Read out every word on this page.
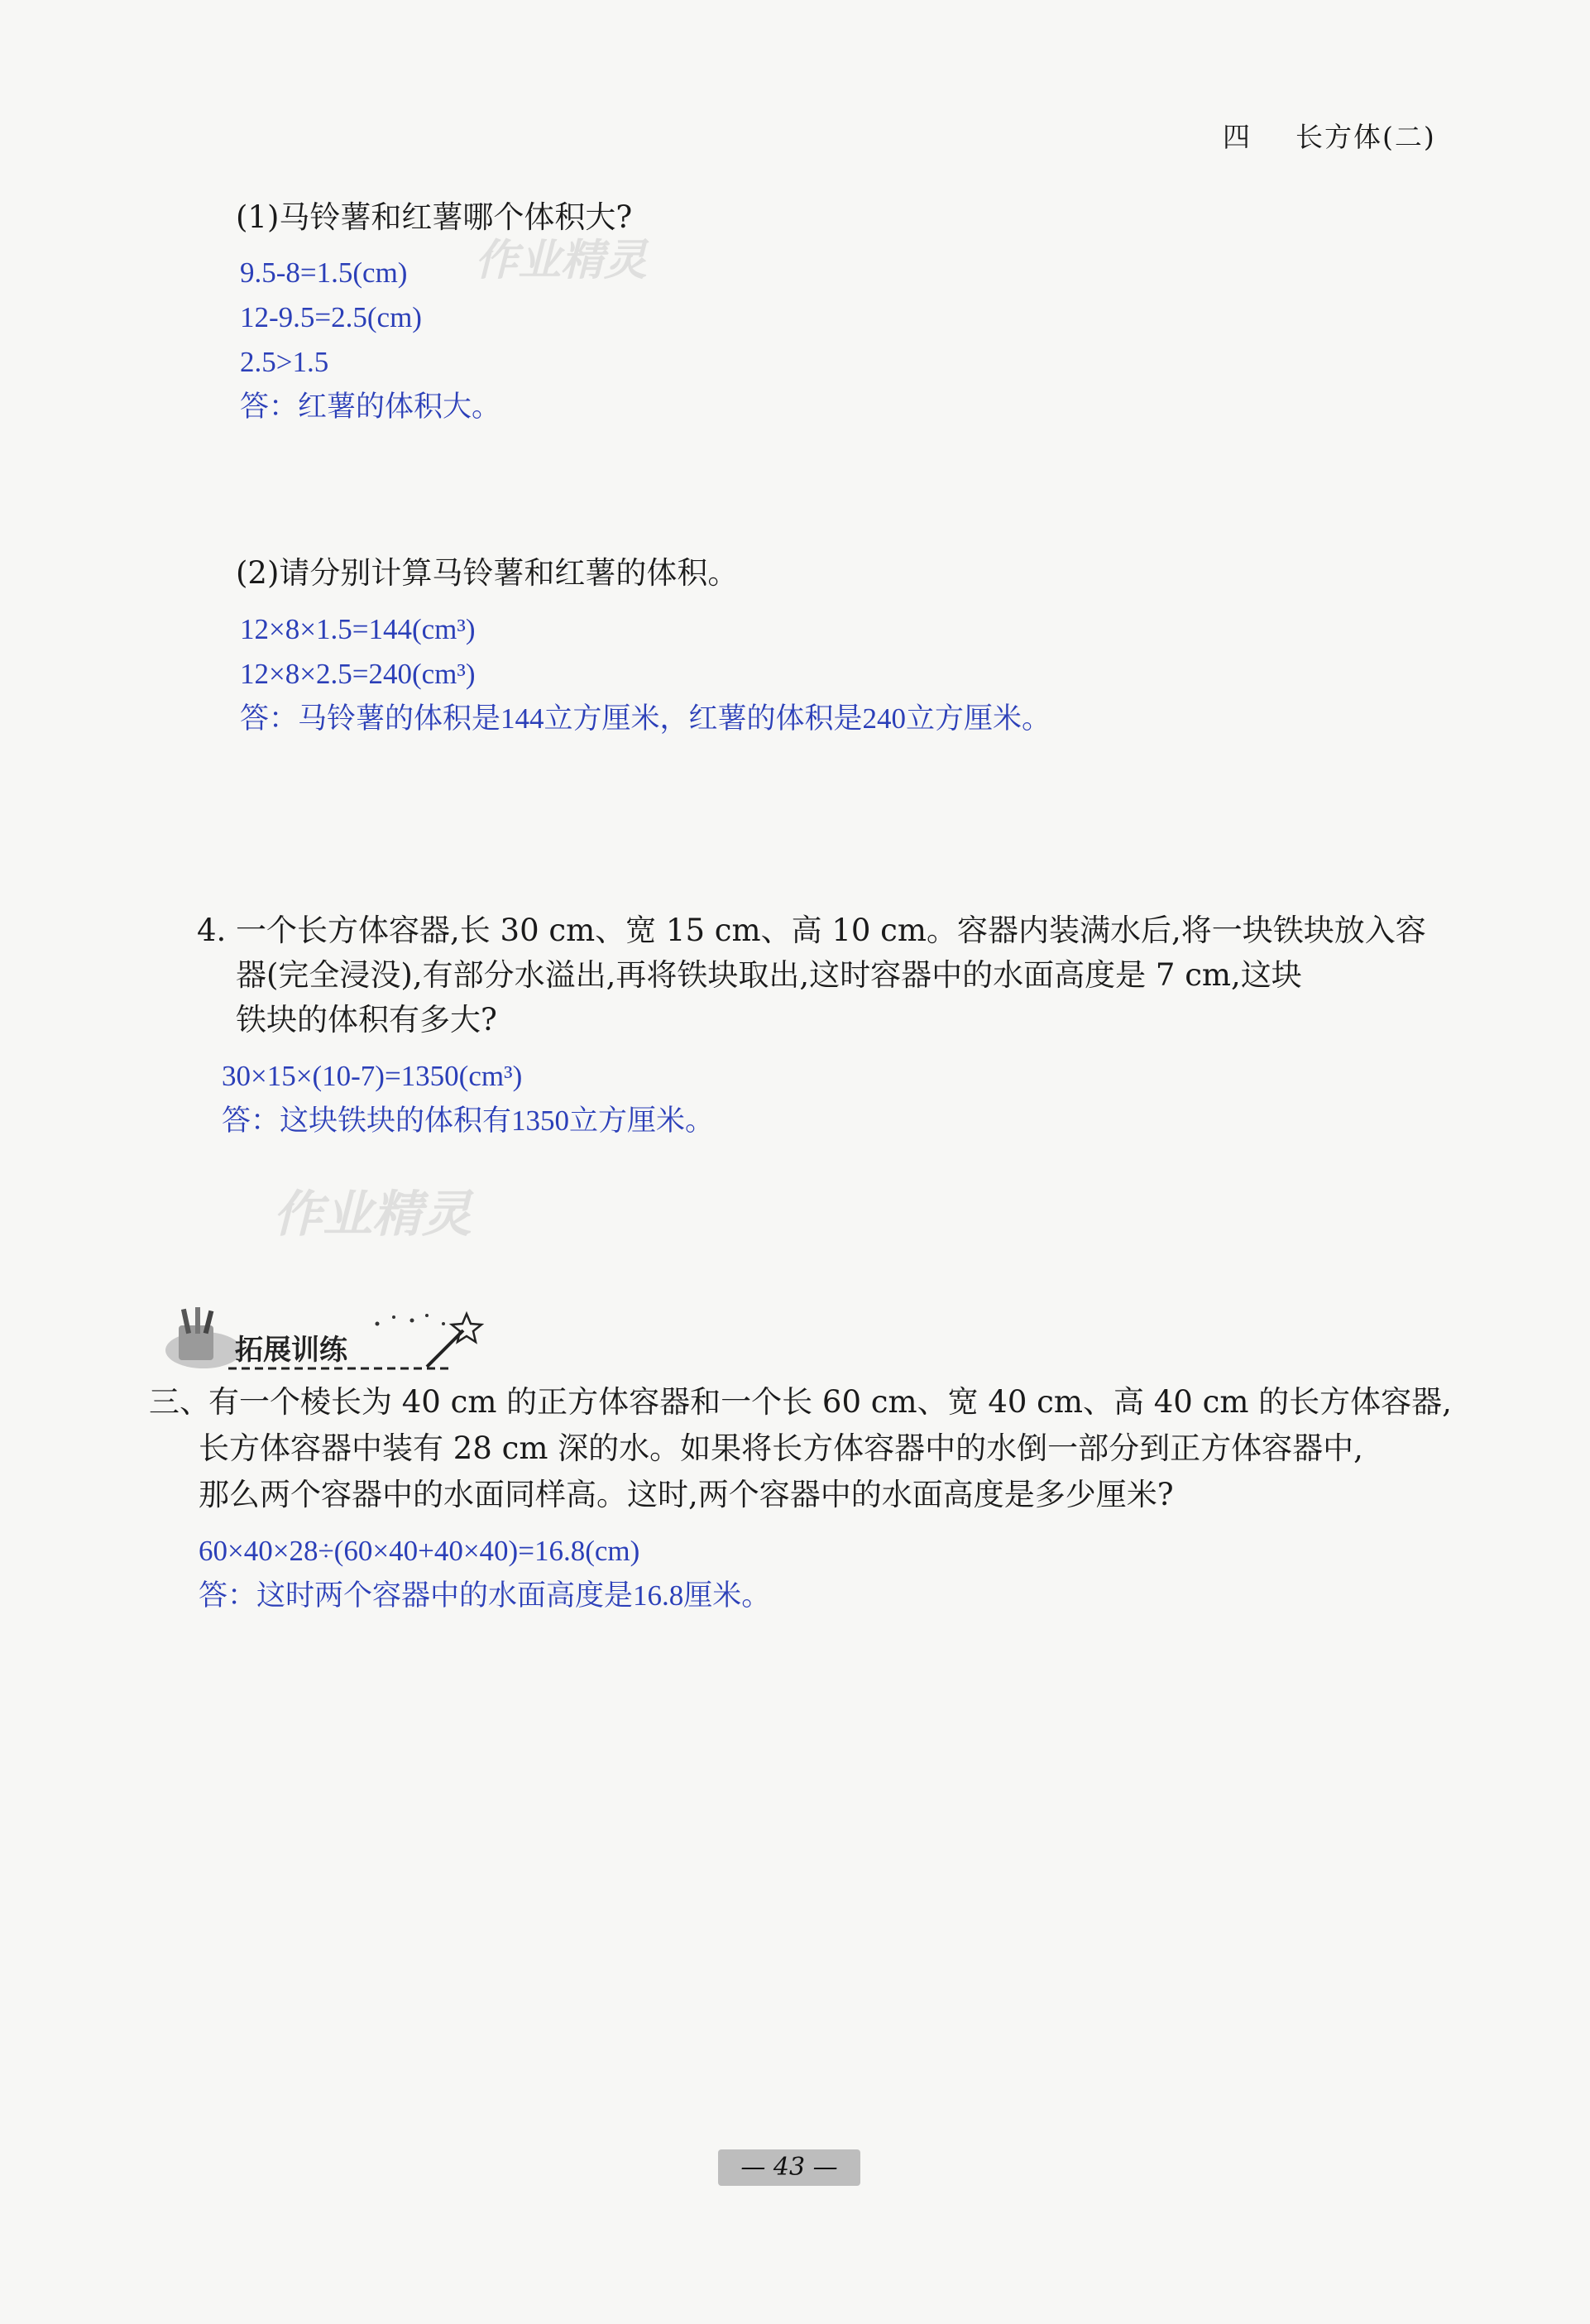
四 长方体(二)
(1)马铃薯和红薯哪个体积大?
9.5-8=1.5(cm)
12-9.5=2.5(cm)
2.5>1.5
答：红薯的体积大。
作业精灵
(2)请分别计算马铃薯和红薯的体积。
12×8×1.5=144(cm³)
12×8×2.5=240(cm³)
答：马铃薯的体积是144立方厘米，红薯的体积是240立方厘米。
4. 一个长方体容器,长 30 cm、宽 15 cm、高 10 cm。容器内装满水后,将一块铁块放入容
器(完全浸没),有部分水溢出,再将铁块取出,这时容器中的水面高度是 7 cm,这块
铁块的体积有多大?
30×15×(10-7)=1350(cm³)
答：这块铁块的体积有1350立方厘米。
作业精灵
拓展训练
三、
有一个棱长为 40 cm 的正方体容器和一个长 60 cm、宽 40 cm、高 40 cm 的长方体容器,
长方体容器中装有 28 cm 深的水。如果将长方体容器中的水倒一部分到正方体容器中,
那么两个容器中的水面同样高。这时,两个容器中的水面高度是多少厘米?
60×40×28÷(60×40+40×40)=16.8(cm)
答：这时两个容器中的水面高度是16.8厘米。
— 43 —
